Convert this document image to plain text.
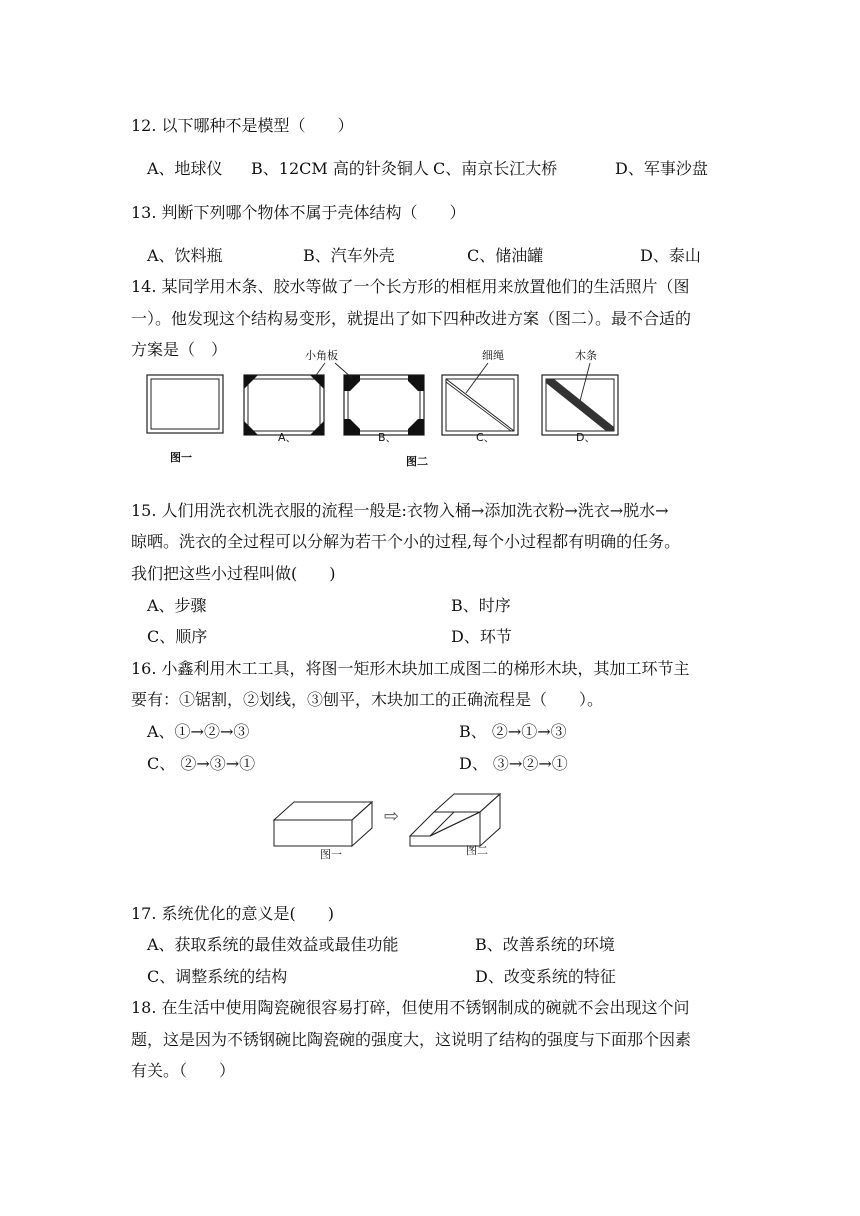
12. 以下哪种不是模型（　　）
A、地球仪 B、12CM 高的针灸铜人 C、南京长江大桥	D、军事沙盘
13. 判断下列哪个物体不属于壳体结构（　　）
A、饮料瓶	B、汽车外壳	C、储油罐	D、泰山
14. 某同学用木条、胶水等做了一个长方形的相框用来放置他们的生活照片（图
一）。他发现这个结构易变形，就提出了如下四种改进方案（图二）。最不合适的
方案是（　）
图一
A、	B、
小角板	细绳
C、
木条
D、
图二
15. 人们用洗衣机洗衣服的流程一般是:衣物入桶→添加洗衣粉→洗衣→脱水→
晾晒。洗衣的全过程可以分解为若干个小的过程,每个小过程都有明确的任务。
我们把这些小过程叫做(　　)
A、步骤	B、时序
C、顺序	D、环节
16. 小鑫利用木工工具，将图一矩形木块加工成图二的梯形木块，其加工环节主
要有：①锯割，②划线，③刨平，木块加工的正确流程是（　　）。
A、①→②→③	B、 ②→①→③
C、 ②→③→①	D、 ③→②→①
图一
⇨
图二
17. 系统优化的意义是(　　)
A、获取系统的最佳效益或最佳功能	B、改善系统的环境
C、调整系统的结构	D、改变系统的特征
18. 在生活中使用陶瓷碗很容易打碎，但使用不锈钢制成的碗就不会出现这个问
题，这是因为不锈钢碗比陶瓷碗的强度大，这说明了结构的强度与下面那个因素
有关。（　　）
